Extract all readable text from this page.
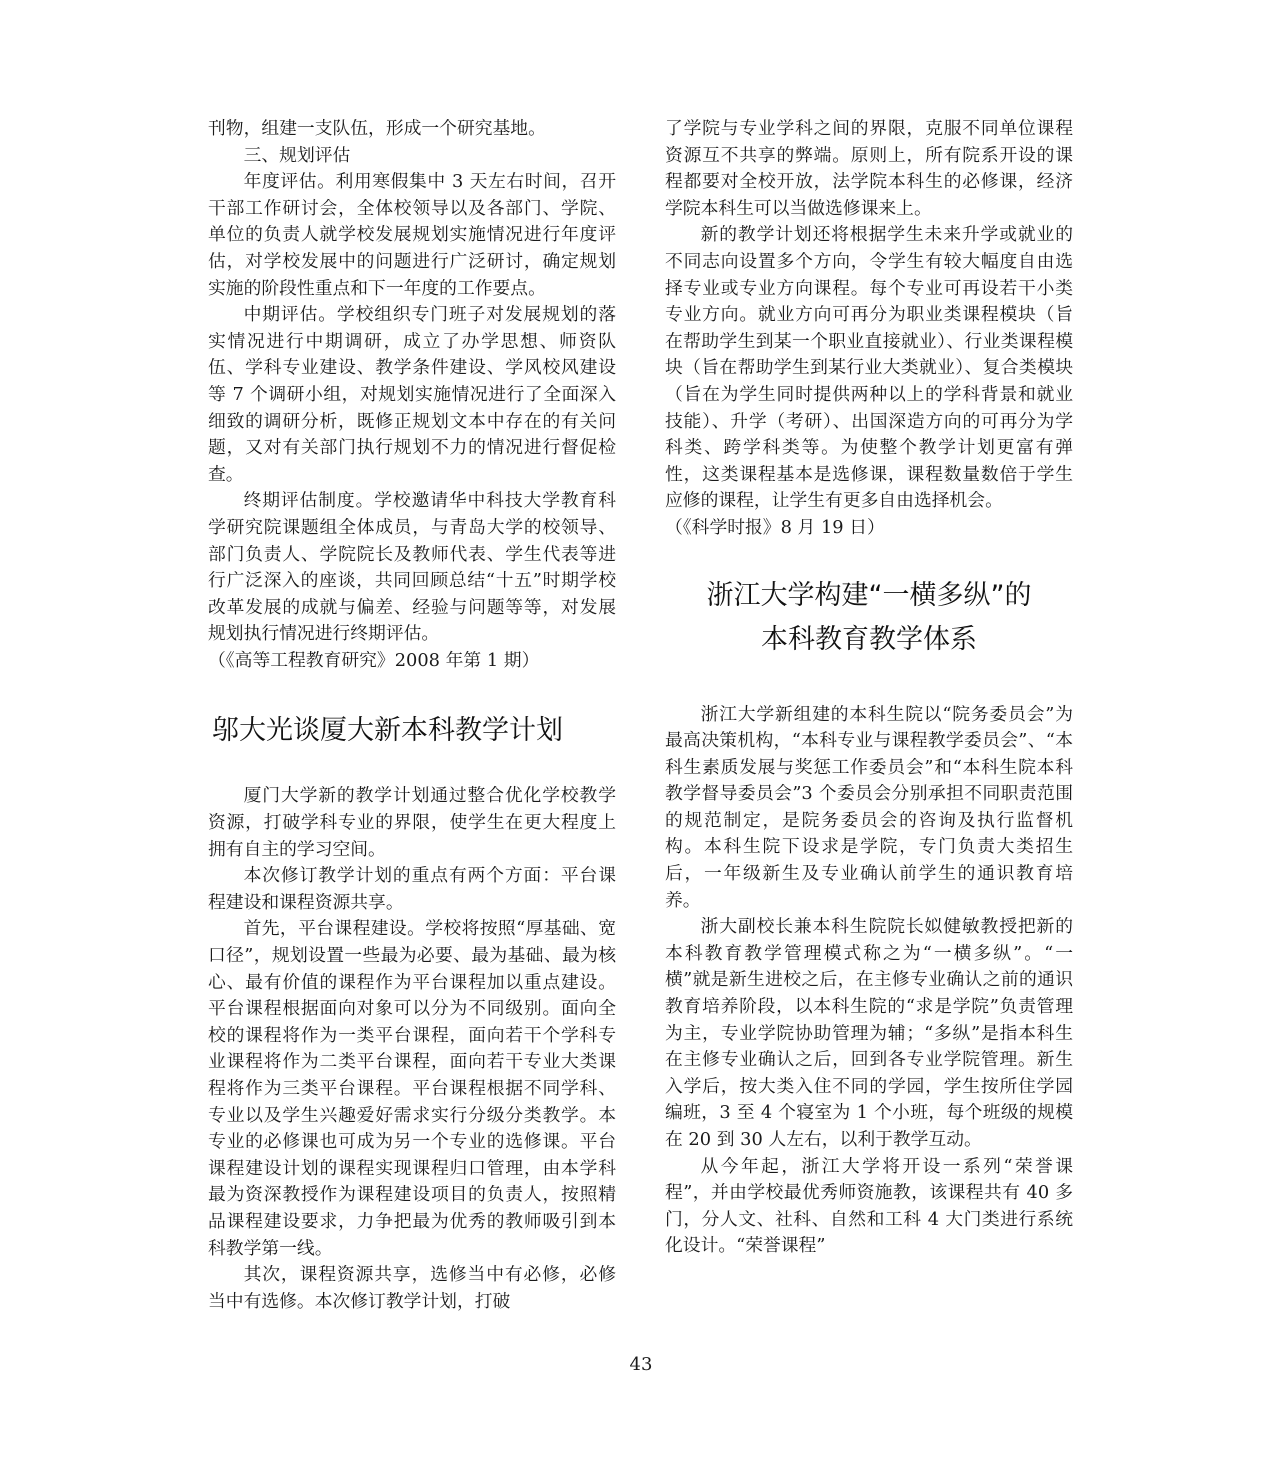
刊物，组建一支队伍，形成一个研究基地。

三、规划评估

年度评估。利用寒假集中 3 天左右时间，召开干部工作研讨会，全体校领导以及各部门、学院、单位的负责人就学校发展规划实施情况进行年度评估，对学校发展中的问题进行广泛研讨，确定规划实施的阶段性重点和下一年度的工作要点。

中期评估。学校组织专门班子对发展规划的落实情况进行中期调研，成立了办学思想、师资队伍、学科专业建设、教学条件建设、学风校风建设等 7 个调研小组，对规划实施情况进行了全面深入细致的调研分析，既修正规划文本中存在的有关问题，又对有关部门执行规划不力的情况进行督促检查。

终期评估制度。学校邀请华中科技大学教育科学研究院课题组全体成员，与青岛大学的校领导、部门负责人、学院院长及教师代表、学生代表等进行广泛深入的座谈，共同回顾总结“十五”时期学校改革发展的成就与偏差、经验与问题等等，对发展规划执行情况进行终期评估。

（《高等工程教育研究》2008 年第 1 期）

邬大光谈厦大新本科教学计划

厦门大学新的教学计划通过整合优化学校教学资源，打破学科专业的界限，使学生在更大程度上拥有自主的学习空间。

本次修订教学计划的重点有两个方面：平台课程建设和课程资源共享。

首先，平台课程建设。学校将按照“厚基础、宽口径”，规划设置一些最为必要、最为基础、最为核心、最有价值的课程作为平台课程加以重点建设。平台课程根据面向对象可以分为不同级别。面向全校的课程将作为一类平台课程，面向若干个学科专业课程将作为二类平台课程，面向若干专业大类课程将作为三类平台课程。平台课程根据不同学科、专业以及学生兴趣爱好需求实行分级分类教学。本专业的必修课也可成为另一个专业的选修课。平台课程建设计划的课程实现课程归口管理，由本学科最为资深教授作为课程建设项目的负责人，按照精品课程建设要求，力争把最为优秀的教师吸引到本科教学第一线。

其次，课程资源共享，选修当中有必修，必修当中有选修。本次修订教学计划，打破

了学院与专业学科之间的界限，克服不同单位课程资源互不共享的弊端。原则上，所有院系开设的课程都要对全校开放，法学院本科生的必修课，经济学院本科生可以当做选修课来上。

新的教学计划还将根据学生未来升学或就业的不同志向设置多个方向，令学生有较大幅度自由选择专业或专业方向课程。每个专业可再设若干小类专业方向。就业方向可再分为职业类课程模块（旨在帮助学生到某一个职业直接就业）、行业类课程模块（旨在帮助学生到某行业大类就业）、复合类模块（旨在为学生同时提供两种以上的学科背景和就业技能）、升学（考研）、出国深造方向的可再分为学科类、跨学科类等。为使整个教学计划更富有弹性，这类课程基本是选修课，课程数量数倍于学生应修的课程，让学生有更多自由选择机会。

（《科学时报》8 月 19 日）

浙江大学构建“一横多纵”的
本科教育教学体系

浙江大学新组建的本科生院以“院务委员会”为最高决策机构，“本科专业与课程教学委员会”、“本科生素质发展与奖惩工作委员会”和“本科生院本科教学督导委员会”3 个委员会分别承担不同职责范围的规范制定，是院务委员会的咨询及执行监督机构。本科生院下设求是学院，专门负责大类招生后，一年级新生及专业确认前学生的通识教育培养。

浙大副校长兼本科生院院长姒健敏教授把新的本科教育教学管理模式称之为“一横多纵”。“一横”就是新生进校之后，在主修专业确认之前的通识教育培养阶段，以本科生院的“求是学院”负责管理为主，专业学院协助管理为辅；“多纵”是指本科生在主修专业确认之后，回到各专业学院管理。新生入学后，按大类入住不同的学园，学生按所住学园编班，3 至 4 个寝室为 1 个小班，每个班级的规模在 20 到 30 人左右，以利于教学互动。

从今年起，浙江大学将开设一系列“荣誉课程”，并由学校最优秀师资施教，该课程共有 40 多门，分人文、社科、自然和工科 4 大门类进行系统化设计。“荣誉课程”

43
